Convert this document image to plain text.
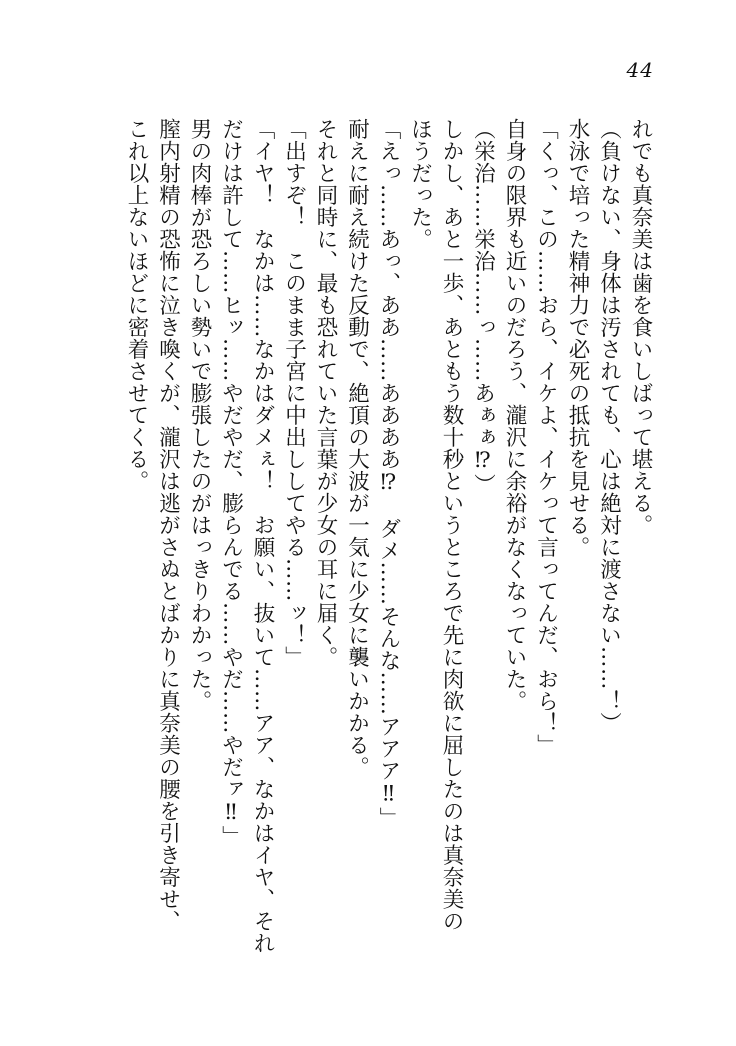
44
れでも真奈美は歯を食いしばって堪える。
（負けない、身体は汚されても、心は絶対に渡さない……！）
水泳で培った精神力で必死の抵抗を見せる。
「くっ、この……おら、イケよ、イケって言ってんだ、おら！」
自身の限界も近いのだろう、瀧沢に余裕がなくなっていた。
（栄治……栄治……っ……あぁぁ⁉）
しかし、あと一歩、あともう数十秒というところで先に肉欲に屈したのは真奈美の
ほうだった。
「えっ……あっ、ああ……ああああ⁉　ダメ……そんな……アアア‼」
耐えに耐え続けた反動で、絶頂の大波が一気に少女に襲いかかる。
それと同時に、最も恐れていた言葉が少女の耳に届く。
「出すぞ！　このまま子宮に中出ししてやる……ッ！」
「イヤ！　なかは……なかはダメぇ！　お願い、抜いて……アア、なかはイヤ、それ
だけは許して……ヒッ……やだやだ、膨らんでる……やだ……やだァ‼」
男の肉棒が恐ろしい勢いで膨張したのがはっきりわかった。
膣内射精の恐怖に泣き喚くが、瀧沢は逃がさぬとばかりに真奈美の腰を引き寄せ、
これ以上ないほどに密着させてくる。
